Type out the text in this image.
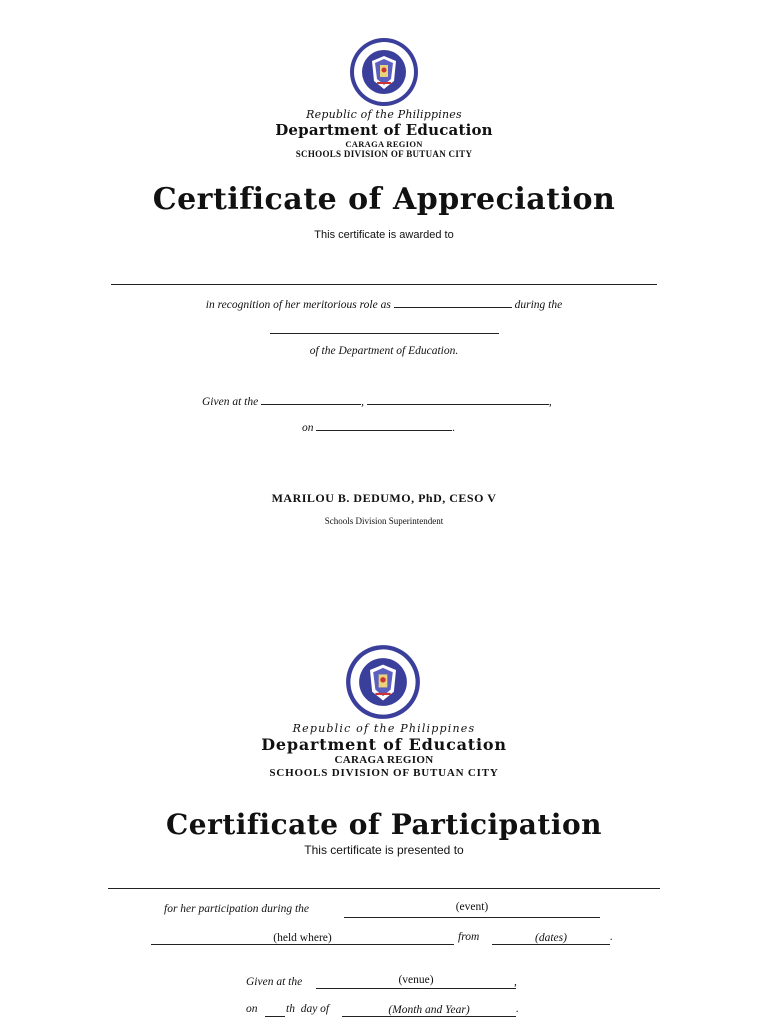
Republic of the Philippines
Department of Education
CARAGA REGION
SCHOOLS DIVISION OF BUTUAN CITY
Certificate of Appreciation
This certificate is awarded to
in recognition of her meritorious role as	during the
of the Department of Education.
Given at the	,	,
on	.
MARILOU B. DEDUMO, PhD, CESO V
Schools Division Superintendent
Republic of the Philippines
Department of Education
CARAGA REGION
SCHOOLS DIVISION OF BUTUAN CITY
Certificate of Participation
This certificate is presented to
for her participation during the	(event)
(held where)	from	(dates)	.
Given at the	(venue)	,
on th  day of	(Month and Year)	.
